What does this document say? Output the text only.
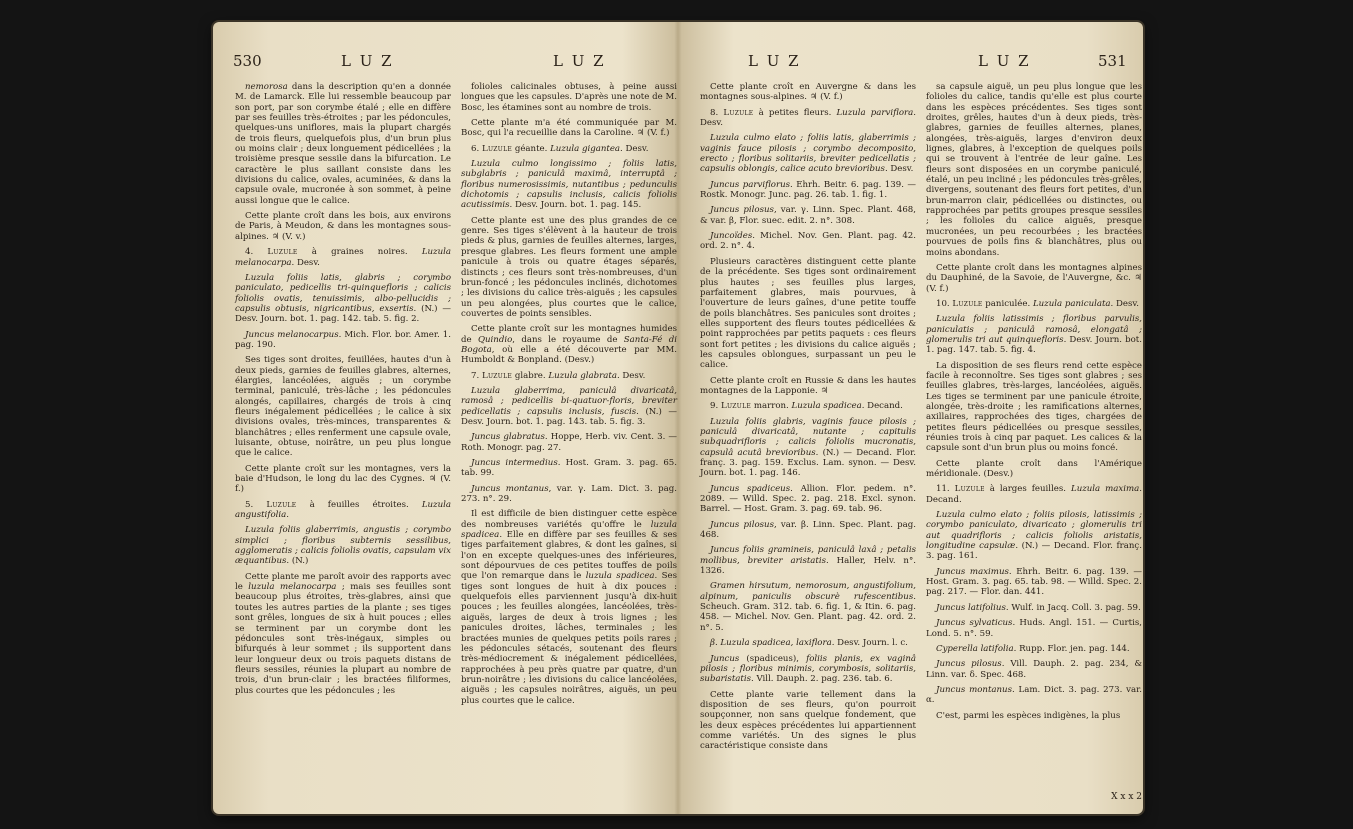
530	L U Z	L U Z

nemorosa dans la description qu'en a donnée M. de Lamarck. Elle lui ressemble beaucoup par son port, par son corymbe étalé ; elle en diffère par ses feuilles très-étroites ; par les pédoncules, quelques-uns uniflores, mais la plupart chargés de trois fleurs, quelquefois plus, d'un brun plus ou moins clair ; deux longuement pédicellées ; la troisième presque sessile dans la bifurcation. Le caractère le plus saillant consiste dans les divisions du calice, ovales, acuminées, & dans la capsule ovale, mucronée à son sommet, à peine aussi longue que le calice.

Cette plante croît dans les bois, aux environs de Paris, à Meudon, & dans les montagnes sous-alpines. ♃ (V. v.)

4. Luzule à graines noires. Luzula melanocarpa. Desv.

Luzula foliis latis, glabris ; corymbo paniculato, pedicellis tri-quinquefloris ; calicis foliolis ovatis, tenuissimis, albo-pellucidis ; capsulis obtusis, nigricantibus, exsertis. (N.) — Desv. Journ. bot. 1. pag. 142. tab. 5. fig. 2.

Juncus melanocarpus. Mich. Flor. bor. Amer. 1. pag. 190.

Ses tiges sont droites, feuillées, hautes d'un à deux pieds, garnies de feuilles glabres, alternes, élargies, lancéolées, aiguës ; un corymbe terminal, paniculé, très-lâche ; les pédoncules alongés, capillaires, chargés de trois à cinq fleurs inégalement pédicellées ; le calice à six divisions ovales, très-minces, transparentes & blanchâtres ; elles renferment une capsule ovale, luisante, obtuse, noirâtre, un peu plus longue que le calice.

Cette plante croît sur les montagnes, vers la baie d'Hudson, le long du lac des Cygnes. ♃ (V. f.)

5. Luzule à feuilles étroites. Luzula angustifolia.

Luzula foliis glaberrimis, angustis ; corymbo simplici ; floribus subternis sessilibus, agglomeratis ; calicis foliolis ovatis, capsulam vix æquantibus. (N.)

Cette plante me paroît avoir des rapports avec le luzula melanocarpa ; mais ses feuilles sont beaucoup plus étroites, très-glabres, ainsi que toutes les autres parties de la plante ; ses tiges sont grêles, longues de six à huit pouces ; elles se terminent par un corymbe dont les pédoncules sont très-inégaux, simples ou bifurqués à leur sommet ; ils supportent dans leur longueur deux ou trois paquets distans de fleurs sessiles, réunies la plupart au nombre de trois, d'un brun-clair ; les bractées filiformes, plus courtes que les pédoncules ; les

folioles calicinales obtuses, à peine aussi longues que les capsules. D'après une note de M. Bosc, les étamines sont au nombre de trois.

Cette plante m'a été communiquée par M. Bosc, qui l'a recueillie dans la Caroline. ♃ (V. f.)

6. Luzule géante. Luzula gigantea. Desv.

Luzula culmo longissimo ; foliis latis, subglabris ; paniculâ maximâ, interruptâ ; floribus numerosissimis, nutantibus ; pedunculis dichotomis ; capsulis inclusis, calicis foliolis acutissimis. Desv. Journ. bot. 1. pag. 145.

Cette plante est une des plus grandes de ce genre. Ses tiges s'élèvent à la hauteur de trois pieds & plus, garnies de feuilles alternes, larges, presque glabres. Les fleurs forment une ample panicule à trois ou quatre étages séparés, distincts ; ces fleurs sont très-nombreuses, d'un brun-foncé ; les pédoncules inclinés, dichotomes ; les divisions du calice très-aiguës ; les capsules un peu alongées, plus courtes que le calice, couvertes de points sensibles.

Cette plante croît sur les montagnes humides de Quindio, dans le royaume de Santa-Fé di Bogota, où elle a été découverte par MM. Humboldt & Bonpland. (Desv.)

7. Luzule glabre. Luzula glabrata. Desv.

Luzula glaberrima, paniculâ divaricatâ, ramosâ ; pedicellis bi-quatuor-floris, breviter pedicellatis ; capsulis inclusis, fuscis. (N.) — Desv. Journ. bot. 1. pag. 143. tab. 5. fig. 3.

Juncus glabratus. Hoppe, Herb. viv. Cent. 3. — Roth. Monogr. pag. 27.

Juncus intermedius. Host. Gram. 3. pag. 65. tab. 99.

Juncus montanus, var. γ. Lam. Dict. 3. pag. 273. n°. 29.

Il est difficile de bien distinguer cette espèce des nombreuses variétés qu'offre le luzula spadicea. Elle en diffère par ses feuilles & ses tiges parfaitement glabres, & dont les gaînes, si l'on en excepte quelques-unes des inférieures, sont dépourvues de ces petites touffes de poils que l'on remarque dans le luzula spadicea. Ses tiges sont longues de huit à dix pouces : quelquefois elles parviennent jusqu'à dix-huit pouces ; les feuilles alongées, lancéolées, très-aiguës, larges de deux à trois lignes ; les panicules droites, lâches, terminales ; les bractées munies de quelques petits poils rares ; les pédoncules sétacés, soutenant des fleurs très-médiocrement & inégalement pédicellées, rapprochées à peu près quatre par quatre, d'un brun-noirâtre ; les divisions du calice lancéolées, aiguës ; les capsules noirâtres, aiguës, un peu plus courtes que le calice.

L U Z	L U Z	531

Cette plante croît en Auvergne & dans les montagnes sous-alpines. ♃ (V. f.)

8. Luzule à petites fleurs. Luzula parviflora. Desv.

Luzula culmo elato ; foliis latis, glaberrimis ; vaginis fauce pilosis ; corymbo decomposito, erecto ; floribus solitariis, breviter pedicellatis ; capsulis oblongis, calice acuto brevioribus. Desv.

Juncus parviflorus. Ehrh. Beitr. 6. pag. 139. — Rostk. Monogr. Junc. pag. 26. tab. 1. fig. 1.

Juncus pilosus, var. γ. Linn. Spec. Plant. 468, & var. β, Flor. suec. edit. 2. n°. 308.

Juncoïdes. Michel. Nov. Gen. Plant. pag. 42. ord. 2. n°. 4.

Plusieurs caractères distinguent cette plante de la précédente. Ses tiges sont ordinairement plus hautes ; ses feuilles plus larges, parfaitement glabres, mais pourvues, à l'ouverture de leurs gaînes, d'une petite touffe de poils blanchâtres. Ses panicules sont droites ; elles supportent des fleurs toutes pédicellées & point rapprochées par petits paquets : ces fleurs sont fort petites ; les divisions du calice aiguës ; les capsules oblongues, surpassant un peu le calice.

Cette plante croît en Russie & dans les hautes montagnes de la Lapponie. ♃

9. Luzule marron. Luzula spadicea. Decand.

Luzula foliis glabris, vaginis fauce pilosis ; paniculâ divaricatâ, nutante ; capitulis subquadrifloris ; calicis foliolis mucronatis, capsulâ acutâ brevioribus. (N.) — Decand. Flor. franç. 3. pag. 159. Exclus. Lam. synon. — Desv. Journ. bot. 1. pag. 146.

Juncus spadiceus. Allion. Flor. pedem. n°. 2089. — Willd. Spec. 2. pag. 218. Excl. synon. Barrel. — Host. Gram. 3. pag. 69. tab. 96.

Juncus pilosus, var. β. Linn. Spec. Plant. pag. 468.

Juncus foliis gramineis, paniculâ laxâ ; petalis mollibus, breviter aristatis. Haller, Helv. n°. 1326.

Gramen hirsutum, nemorosum, angustifolium, alpinum, paniculis obscurè rufescentibus. Scheuch. Gram. 312. tab. 6. fig. 1, & Itin. 6. pag. 458. — Michel. Nov. Gen. Plant. pag. 42. ord. 2. n°. 5.

β. Luzula spadicea, laxiflora. Desv. Journ. l. c.

Juncus (spadiceus), foliis planis, ex vaginâ pilosis ; floribus minimis, corymbosis, solitariis, subaristatis. Vill. Dauph. 2. pag. 236. tab. 6.

Cette plante varie tellement dans la disposition de ses fleurs, qu'on pourroit soupçonner, non sans quelque fondement, que les deux espèces précédentes lui appartiennent comme variétés. Un des signes le plus caractéristique consiste dans

sa capsule aiguë, un peu plus longue que les folioles du calice, tandis qu'elle est plus courte dans les espèces précédentes. Ses tiges sont droites, grêles, hautes d'un à deux pieds, très-glabres, garnies de feuilles alternes, planes, alongées, très-aiguës, larges d'environ deux lignes, glabres, à l'exception de quelques poils qui se trouvent à l'entrée de leur gaîne. Les fleurs sont disposées en un corymbe paniculé, étalé, un peu incliné ; les pédoncules très-grêles, divergens, soutenant des fleurs fort petites, d'un brun-marron clair, pédicellées ou distinctes, ou rapprochées par petits groupes presque sessiles ; les folioles du calice aiguës, presque mucronées, un peu recourbées ; les bractées pourvues de poils fins & blanchâtres, plus ou moins abondans.

Cette plante croît dans les montagnes alpines du Dauphiné, de la Savoie, de l'Auvergne, &c. ♃ (V. f.)

10. Luzule paniculée. Luzula paniculata. Desv.

Luzula foliis latissimis ; floribus parvulis, paniculatis ; paniculâ ramosâ, elongatâ ; glomerulis tri aut quinquefloris. Desv. Journ. bot. 1. pag. 147. tab. 5. fig. 4.

La disposition de ses fleurs rend cette espèce facile à reconnoître. Ses tiges sont glabres ; ses feuilles glabres, très-larges, lancéolées, aiguës. Les tiges se terminent par une panicule étroite, alongée, très-droite ; les ramifications alternes, axillaires, rapprochées des tiges, chargées de petites fleurs pédicellées ou presque sessiles, réunies trois à cinq par paquet. Les calices & la capsule sont d'un brun plus ou moins foncé.

Cette plante croît dans l'Amérique méridionale. (Desv.)

11. Luzule à larges feuilles. Luzula maxima. Decand.

Luzula culmo elato ; foliis pilosis, latissimis ; corymbo paniculato, divaricato ; glomerulis tri aut quadrifloris ; calicis foliolis aristatis, longitudine capsulæ. (N.) — Decand. Flor. franç. 3. pag. 161.

Juncus maximus. Ehrh. Beitr. 6. pag. 139. — Host. Gram. 3. pag. 65. tab. 98. — Willd. Spec. 2. pag. 217. — Flor. dan. 441.

Juncus latifolius. Wulf. in Jacq. Coll. 3. pag. 59.

Juncus sylvaticus. Huds. Angl. 151. — Curtis, Lond. 5. n°. 59.

Cyperella latifolia. Rupp. Flor. jen. pag. 144.

Juncus pilosus. Vill. Dauph. 2. pag. 234, & Linn. var. δ. Spec. 468.

Juncus montanus. Lam. Dict. 3. pag. 273. var. α.

C'est, parmi les espèces indigènes, la plus

X x x 2
